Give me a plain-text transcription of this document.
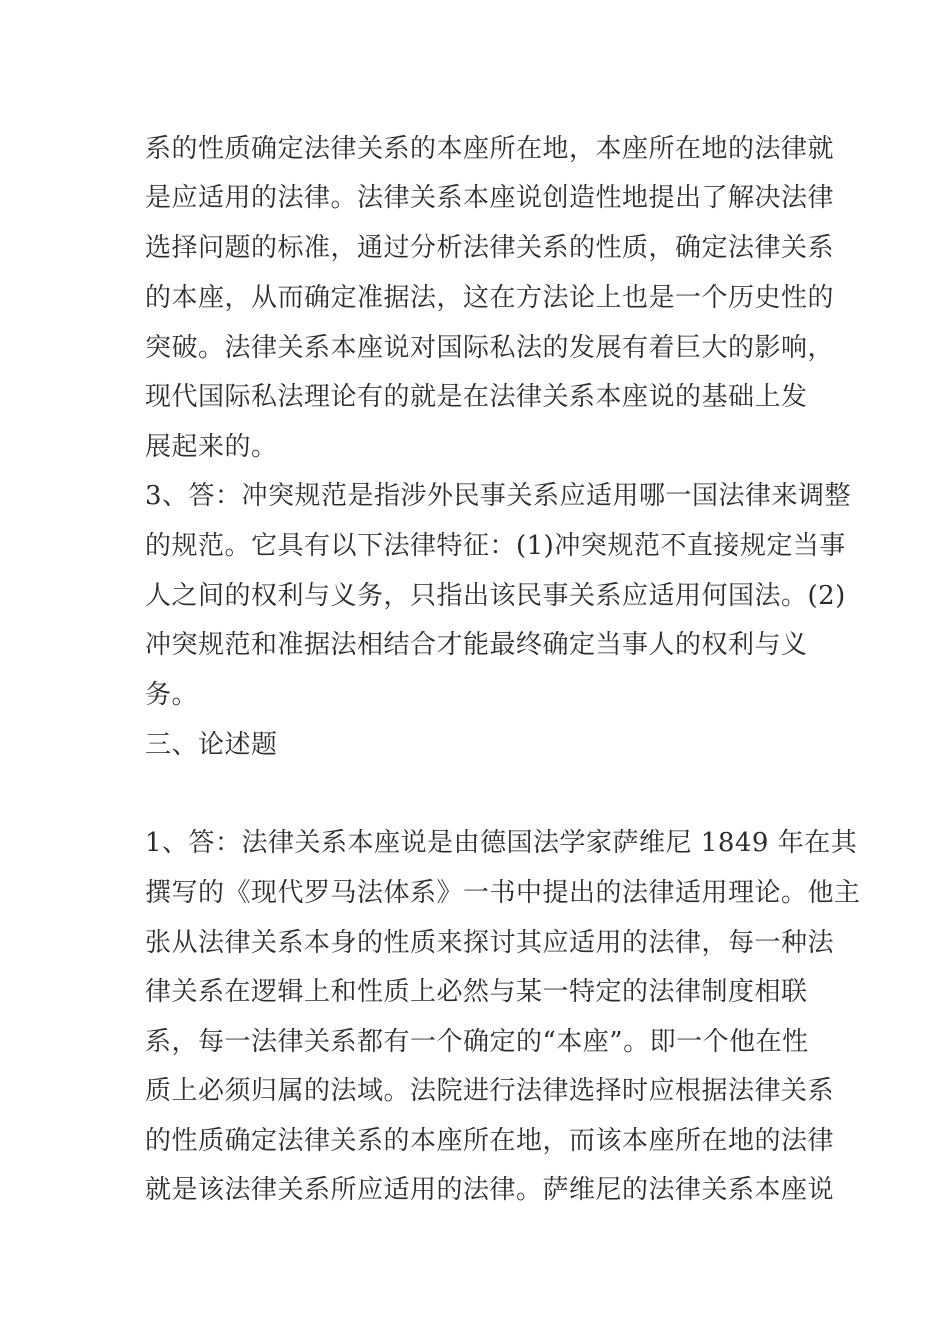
系的性质确定法律关系的本座所在地，本座所在地的法律就
是应适用的法律。法律关系本座说创造性地提出了解决法律
选择问题的标准，通过分析法律关系的性质，确定法律关系
的本座，从而确定准据法，这在方法论上也是一个历史性的
突破。法律关系本座说对国际私法的发展有着巨大的影响，
现代国际私法理论有的就是在法律关系本座说的基础上发
展起来的。
3、答：冲突规范是指涉外民事关系应适用哪一国法律来调整
的规范。它具有以下法律特征：(1)冲突规范不直接规定当事
人之间的权利与义务，只指出该民事关系应适用何国法。(2)
冲突规范和准据法相结合才能最终确定当事人的权利与义
务。
三、论述题
1、答：法律关系本座说是由德国法学家萨维尼 1849 年在其
撰写的《现代罗马法体系》一书中提出的法律适用理论。他主
张从法律关系本身的性质来探讨其应适用的法律，每一种法
律关系在逻辑上和性质上必然与某一特定的法律制度相联
系，每一法律关系都有一个确定的“本座”。即一个他在性
质上必须归属的法域。法院进行法律选择时应根据法律关系
的性质确定法律关系的本座所在地，而该本座所在地的法律
就是该法律关系所应适用的法律。萨维尼的法律关系本座说
